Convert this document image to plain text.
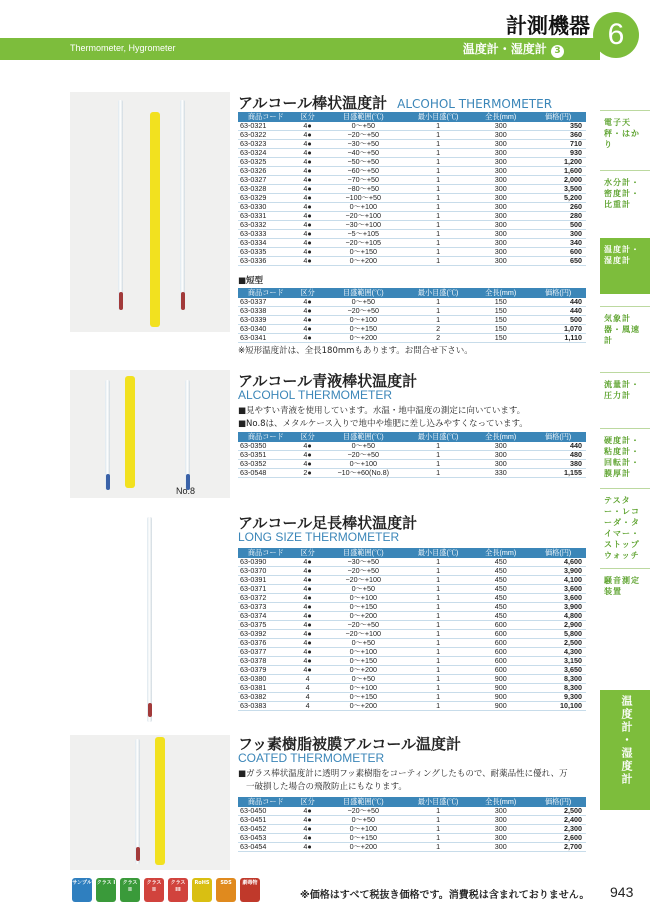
計測機器 6
Thermometer, Hygrometer	温度計・湿度計 3
電子天秤・はかり
水分計・密度計・比重計
温度計・湿度計
気象計器・風速計
流量計・圧力計
硬度計・粘度計・回転計・膜厚計
テスター・レコーダ・タイマー・ストップウォッチ
騒音測定装置
温度計・湿度計
アルコール棒状温度計 ALCOHOL THERMOMETER
商品コード	区分	目盛範囲(℃)	最小目盛(℃)	全長(mm)	価格(円)
63-0321	4●	0〜+50	1	300	350
63-0322	4●	−20〜+50	1	300	360
63-0323	4●	−30〜+50	1	300	710
63-0324	4●	−40〜+50	1	300	930
63-0325	4●	−50〜+50	1	300	1,200
63-0326	4●	−60〜+50	1	300	1,600
63-0327	4●	−70〜+50	1	300	2,000
63-0328	4●	−80〜+50	1	300	3,500
63-0329	4●	−100〜+50	1	300	5,200
63-0330	4●	0〜+100	1	300	260
63-0331	4●	−20〜+100	1	300	280
63-0332	4●	−30〜+100	1	300	500
63-0333	4●	−5〜+105	1	300	300
63-0334	4●	−20〜+105	1	300	340
63-0335	4●	0〜+150	1	300	600
63-0336	4●	0〜+200	1	300	650
■短型
商品コード	区分	目盛範囲(℃)	最小目盛(℃)	全長(mm)	価格(円)
63-0337	4●	0〜+50	1	150	440
63-0338	4●	−20〜+50	1	150	440
63-0339	4●	0〜+100	1	150	500
63-0340	4●	0〜+150	2	150	1,070
63-0341	4●	0〜+200	2	150	1,110
※短形温度計は、全長180mmもあります。お問合せ下さい。
No.8
アルコール青液棒状温度計
ALCOHOL THERMOMETER
■見やすい青液を使用しています。水温・地中温度の測定に向いています。
■No.8は、メタルケース入りで地中や堆肥に差し込みやすくなっています。
商品コード	区分	目盛範囲(℃)	最小目盛(℃)	全長(mm)	価格(円)
63-0350	4●	0〜+50	1	300	440
63-0351	4●	−20〜+50	1	300	480
63-0352	4●	0〜+100	1	300	380
63-0548	2●	−10〜+60(No.8)	1	330	1,155
アルコール足長棒状温度計
LONG SIZE THERMOMETER
商品コード	区分	目盛範囲(℃)	最小目盛(℃)	全長(mm)	価格(円)
63-0390	4●	−30〜+50	1	450	4,600
63-0370	4●	−20〜+50	1	450	3,900
63-0391	4●	−20〜+100	1	450	4,100
63-0371	4●	0〜+50	1	450	3,600
63-0372	4●	0〜+100	1	450	3,600
63-0373	4●	0〜+150	1	450	3,900
63-0374	4●	0〜+200	1	450	4,800
63-0375	4●	−20〜+50	1	600	2,900
63-0392	4●	−20〜+100	1	600	5,800
63-0376	4●	0〜+50	1	600	2,500
63-0377	4●	0〜+100	1	600	4,300
63-0378	4●	0〜+150	1	600	3,150
63-0379	4●	0〜+200	1	600	3,650
63-0380	4	0〜+50	1	900	8,300
63-0381	4	0〜+100	1	900	8,300
63-0382	4	0〜+150	1	900	9,300
63-0383	4	0〜+200	1	900	10,100
フッ素樹脂被膜アルコール温度計
COATED THERMOMETER
■ガラス棒状温度計に透明フッ素樹脂をコーティングしたもので、耐薬品性に優れ、万
一破損した場合の飛散防止にもなります。
商品コード	区分	目盛範囲(℃)	最小目盛(℃)	全長(mm)	価格(円)
63-0450	4●	−20〜+50	1	300	2,500
63-0451	4●	0〜+50	1	300	2,400
63-0452	4●	0〜+100	1	300	2,300
63-0453	4●	0〜+150	1	300	2,600
63-0454	4●	0〜+200	1	300	2,700
サンプル クラス I	クラス II
クラス II
クラス III
RoHS	SDS	劇毒物
※価格はすべて税抜き価格です。消費税は含まれておりません。 943
